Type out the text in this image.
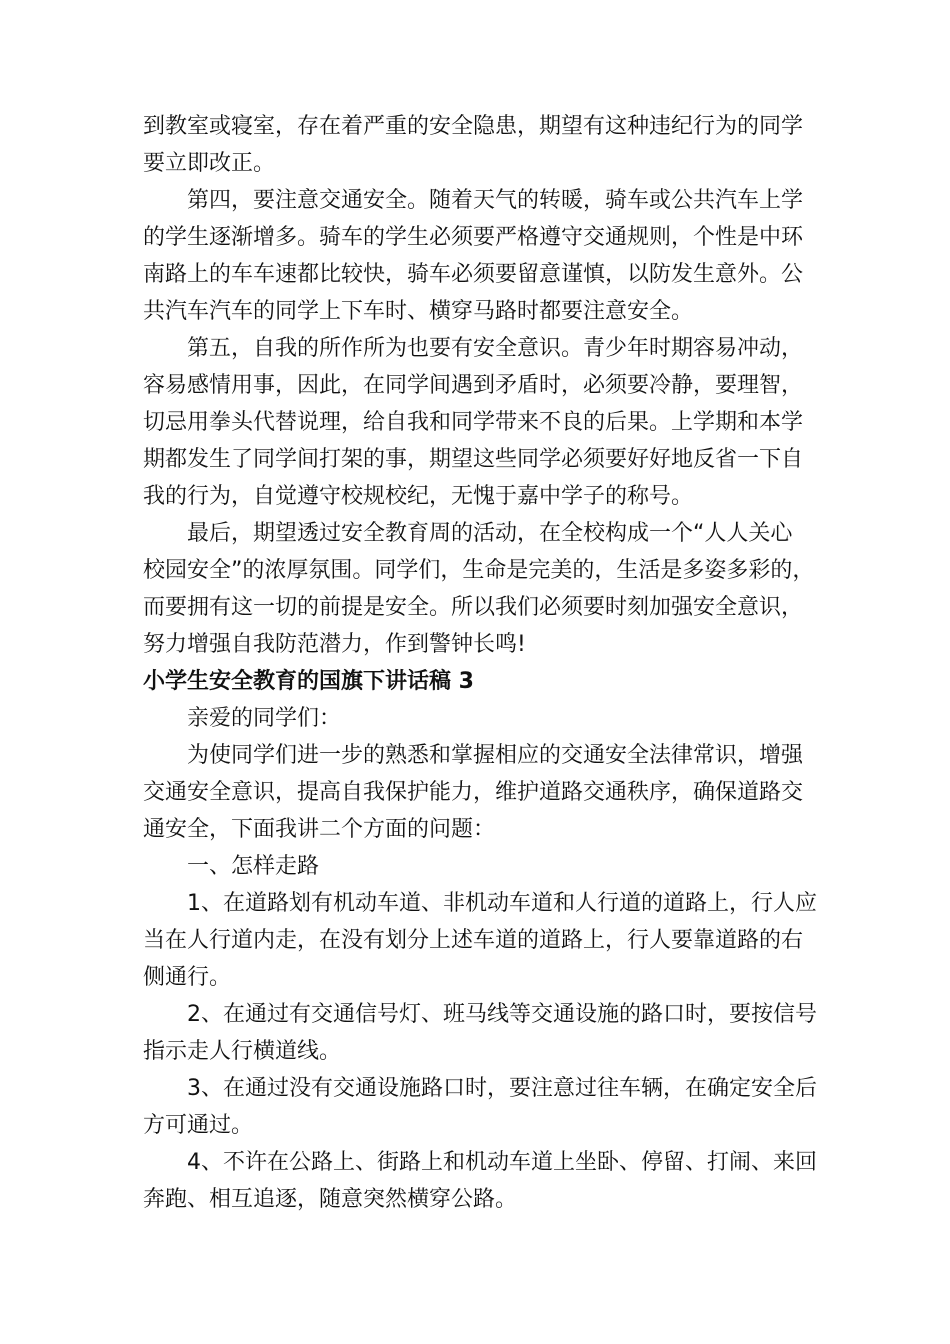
到教室或寝室，存在着严重的安全隐患，期望有这种违纪行为的同学
要立即改正。
第四，要注意交通安全。随着天气的转暖，骑车或公共汽车上学
的学生逐渐增多。骑车的学生必须要严格遵守交通规则，个性是中环
南路上的车车速都比较快，骑车必须要留意谨慎，以防发生意外。公
共汽车汽车的同学上下车时、横穿马路时都要注意安全。
第五，自我的所作所为也要有安全意识。青少年时期容易冲动，
容易感情用事，因此，在同学间遇到矛盾时，必须要冷静，要理智，
切忌用拳头代替说理，给自我和同学带来不良的后果。上学期和本学
期都发生了同学间打架的事，期望这些同学必须要好好地反省一下自
我的行为，自觉遵守校规校纪，无愧于嘉中学子的称号。
最后，期望透过安全教育周的活动，在全校构成一个“人人关心
校园安全”的浓厚氛围。同学们，生命是完美的，生活是多姿多彩的，
而要拥有这一切的前提是安全。所以我们必须要时刻加强安全意识，
努力增强自我防范潜力，作到警钟长鸣!
小学生安全教育的国旗下讲话稿 3
亲爱的同学们：
为使同学们进一步的熟悉和掌握相应的交通安全法律常识，增强
交通安全意识，提高自我保护能力，维护道路交通秩序，确保道路交
通安全，下面我讲二个方面的问题：
一、怎样走路
1、在道路划有机动车道、非机动车道和人行道的道路上，行人应
当在人行道内走，在没有划分上述车道的道路上，行人要靠道路的右
侧通行。
2、在通过有交通信号灯、班马线等交通设施的路口时，要按信号
指示走人行横道线。
3、在通过没有交通设施路口时，要注意过往车辆，在确定安全后
方可通过。
4、不许在公路上、街路上和机动车道上坐卧、停留、打闹、来回
奔跑、相互追逐，随意突然横穿公路。
